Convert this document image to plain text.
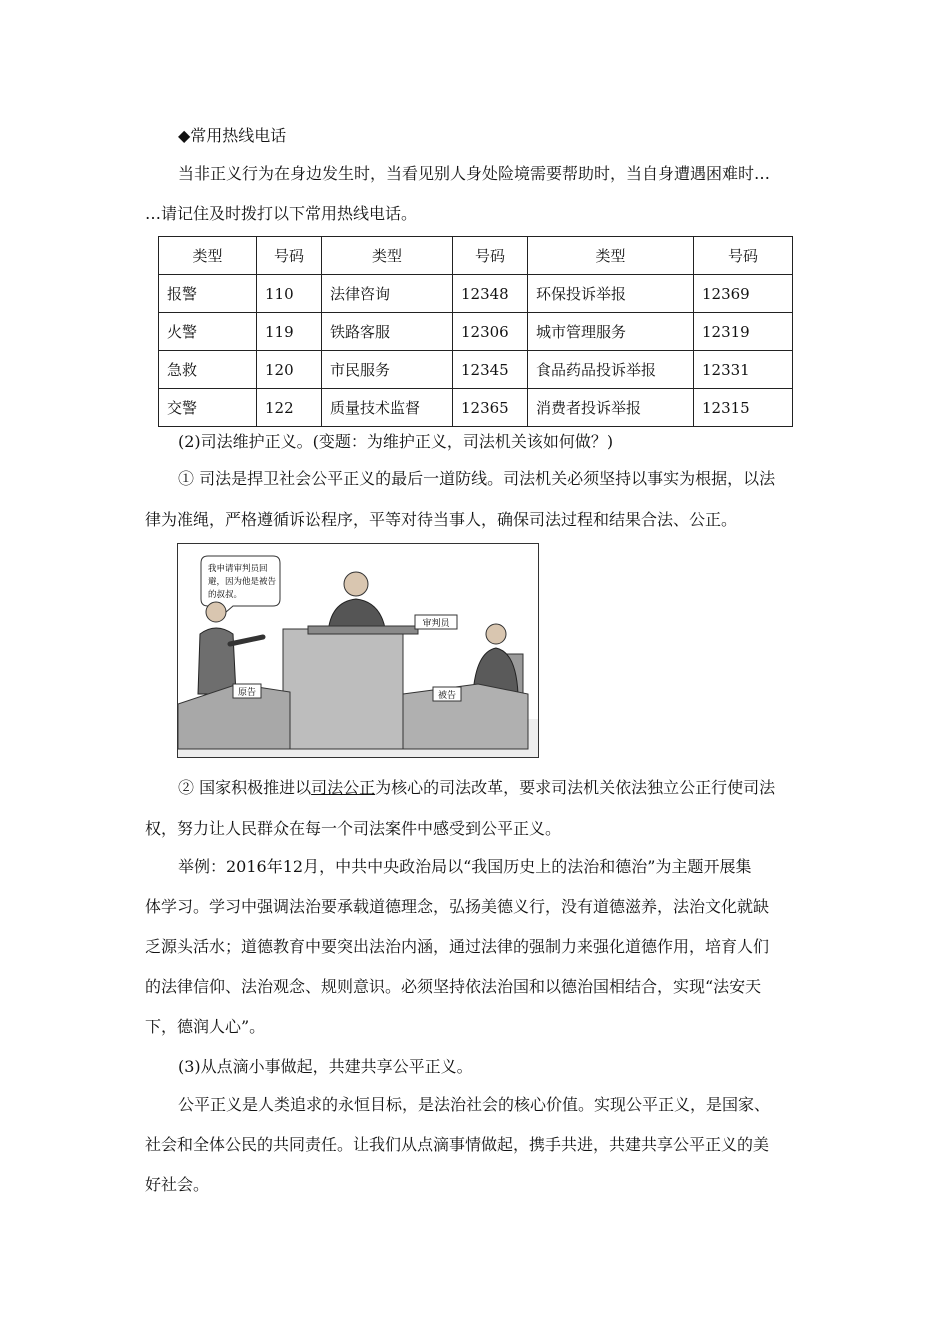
◆常用热线电话
当非正义行为在身边发生时，当看见别人身处险境需要帮助时，当自身遭遇困难时…
…请记住及时拨打以下常用热线电话。
类型	号码	类型	号码	类型	号码
报警	110	法律咨询	12348	环保投诉举报	12369
火警	119	铁路客服	12306	城市管理服务	12319
急救	120	市民服务	12345	食品药品投诉举报	12331
交警	122	质量技术监督	12365	消费者投诉举报	12315
(2)司法维护正义。(变题：为维护正义，司法机关该如何做？)
① 司法是捍卫社会公平正义的最后一道防线。司法机关必须坚持以事实为根据，以法
律为准绳，严格遵循诉讼程序，平等对待当事人，确保司法过程和结果合法、公正。
审判员
我申请审判员回
避，因为他是被告
的叔叔。
原告	被告
② 国家积极推进以司法公正为核心的司法改革，要求司法机关依法独立公正行使司法
权，努力让人民群众在每一个司法案件中感受到公平正义。
举例：2016年12月，中共中央政治局以“我国历史上的法治和德治”为主题开展集
体学习。学习中强调法治要承载道德理念，弘扬美德义行，没有道德滋养，法治文化就缺
乏源头活水；道德教育中要突出法治内涵，通过法律的强制力来强化道德作用，培育人们
的法律信仰、法治观念、规则意识。必须坚持依法治国和以德治国相结合，实现“法安天
下，德润人心”。
(3)从点滴小事做起，共建共享公平正义。
公平正义是人类追求的永恒目标，是法治社会的核心价值。实现公平正义，是国家、
社会和全体公民的共同责任。让我们从点滴事情做起，携手共进，共建共享公平正义的美
好社会。
